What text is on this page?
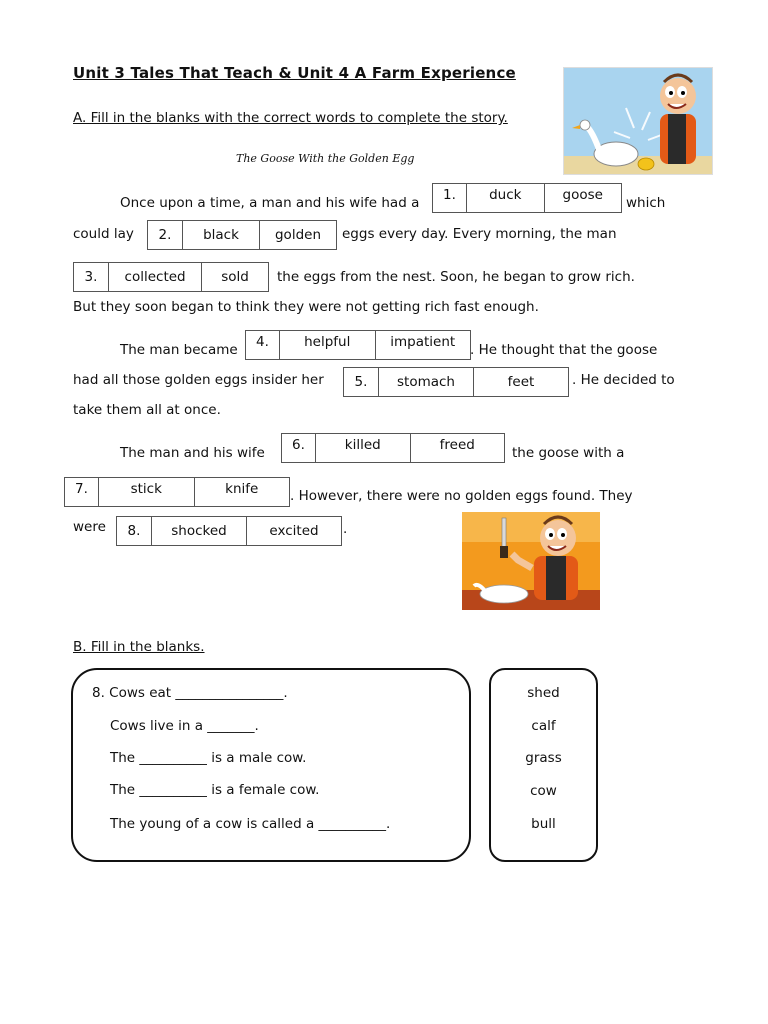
Unit 3 Tales That Teach & Unit 4 A Farm Experience
A. Fill in the blanks with the correct words to complete the story.
The Goose With the Golden Egg
Once upon a time, a man and his wife had a	1.	duck	goose	which
could lay	2.	black	golden	eggs every day. Every morning, the man
3.	collected	sold	the eggs from the nest. Soon, he began to grow rich.
But they soon began to think they were not getting rich fast enough.
The man became	4.	helpful	impatient	. He thought that the goose
had all those golden eggs insider her	5.	stomach	feet	. He decided to
take them all at once.
The man and his wife	6.	killed	freed	the goose with a
7.	stick	knife	. However, there were no golden eggs found. They
were	8.	shocked	excited	.
B. Fill in the blanks.
8. Cows eat ________________.
Cows live in a _______.
The __________ is a male cow.
The __________ is a female cow.
The young of a cow is called a __________.
shed
calf
grass
cow
bull
